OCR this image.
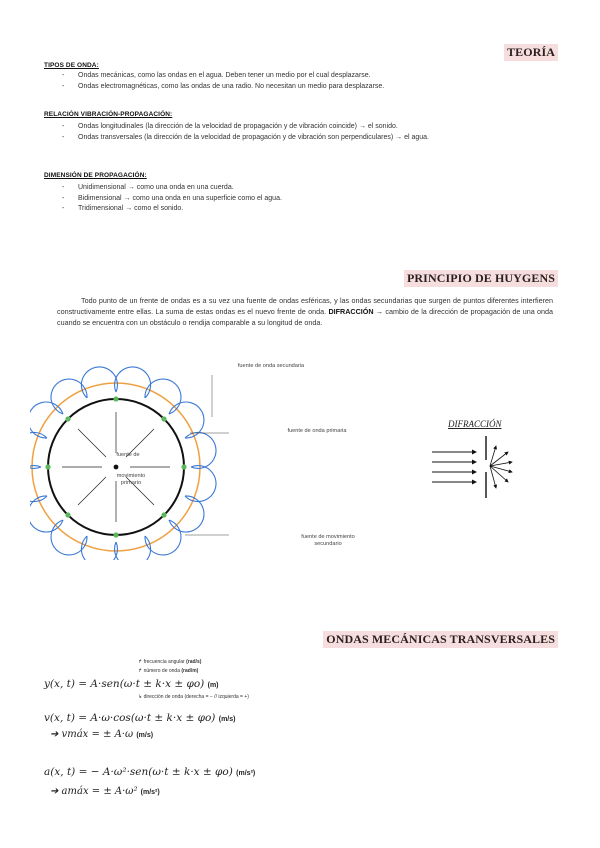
TEORÍA
TIPOS DE ONDA:
- Ondas mecánicas, como las ondas en el agua. Deben tener un medio por el cual desplazarse.
- Ondas electromagnéticas, como las ondas de una radio. No necesitan un medio para desplazarse.
RELACIÓN VIBRACIÓN-PROPAGACIÓN:
- Ondas longitudinales (la dirección de la velocidad de propagación y de vibración coincide) → el sonido.
- Ondas transversales (la dirección de la velocidad de propagación y de vibración son perpendiculares) → el agua.
DIMENSIÓN DE PROPAGACIÓN:
- Unidimensional → como una onda en una cuerda.
- Bidimensional → como una onda en una superficie como el agua.
- Tridimensional → como el sonido.
PRINCIPIO DE HUYGENS

Todo punto de un frente de ondas es a su vez una fuente de ondas esféricas, y las ondas secundarias que surgen de puntos diferentes interfieren constructivamente entre ellas. La suma de estas ondas es el nuevo frente de onda. DIFRACCIÓN → cambio de la dirección de propagación de una onda cuando se encuentra con un obstáculo o rendija comparable a su longitud de onda.

fuente de onda secundaria
fuente de onda primaria
fuente de
movimiento
primario
fuente de movimiento secundario
DIFRACCIÓN
ONDAS MECÁNICAS TRANSVERSALES
↱ frecuencia angular (rad/s)
↱ número de onda (rad/m)
y(x, t) = A·sen(ω·t ± k·x ± φo) (m)
↳ dirección de onda (derecha = − // izquierda = +)
v(x, t) = A·ω·cos(ω·t ± k·x ± φo) (m/s)
➔ vmáx = ± A·ω (m/s)
a(x, t) = − A·ω²·sen(ω·t ± k·x ± φo) (m/s²)
➔ amáx = ± A·ω² (m/s²)
